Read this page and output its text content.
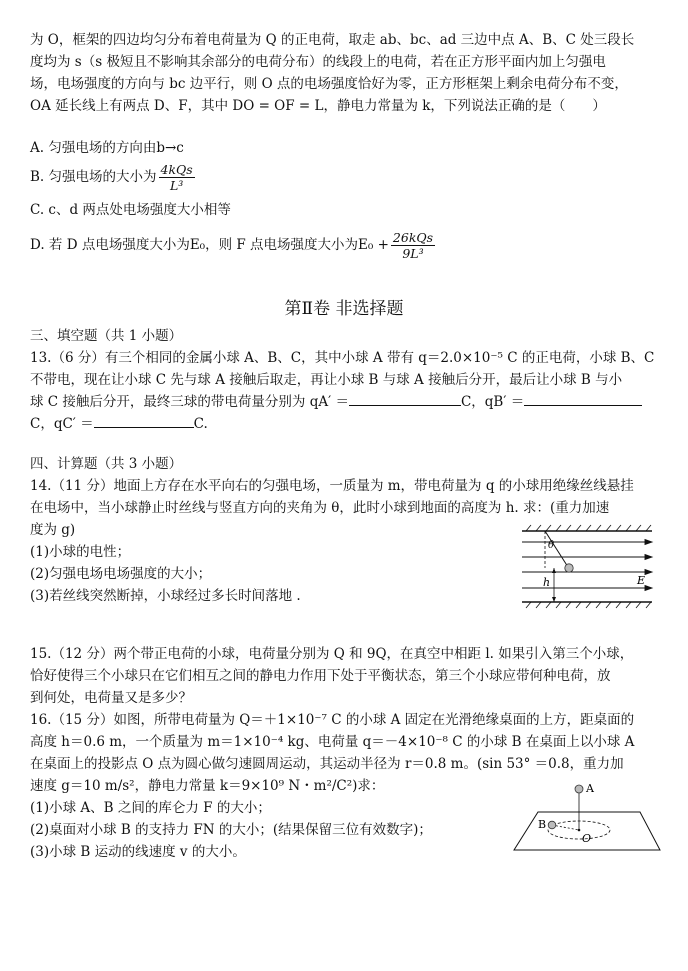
为 O，框架的四边均匀分布着电荷量为 Q 的正电荷，取走 ab、bc、ad 三边中点 A、B、C 处三段长
度均为 s（s 极短且不影响其余部分的电荷分布）的线段上的电荷，若在正方形平面内加上匀强电
场，电场强度的方向与 bc 边平行，则 O 点的电场强度恰好为零，正方形框架上剩余电荷分布不变，
OA 延长线上有两点 D、F，其中 DO = OF = L，静电力常量为 k，下列说法正确的是（　　）
A. 匀强电场的方向由b→c
B. 匀强电场的大小为 $\frac{\text{4kQs}}{\text{L³}}$
C. c、d 两点处电场强度大小相等
D. 若 D 点电场强度大小为E₀，则 F 点电场强度大小为$E_0 + \frac{\text{26kQs}}{\text{9L³}}$
第Ⅱ卷 非选择题
三、填空题（共 1 小题）
13.（6 分）有三个相同的金属小球 A、B、C，其中小球 A 带有 q＝2.0×10⁻⁵ C 的正电荷，小球 B、C
不带电，现在让小球 C 先与球 A 接触后取走，再让小球 B 与球 A 接触后分开，最后让小球 B 与小
球 C 接触后分开，最终三球的带电荷量分别为 qA′ ＝	C，qB′ ＝
C，qC′ ＝	C.
四、计算题（共 3 小题）
14.（11 分）地面上方存在水平向右的匀强电场，一质量为 m，带电荷量为 q 的小球用绝缘丝线悬挂
在电场中，当小球静止时丝线与竖直方向的夹角为 θ，此时小球到地面的高度为 h. 求：(重力加速
度为 g)
(1)小球的电性；
(2)匀强电场电场强度的大小；
(3)若丝线突然断掉，小球经过多长时间落地 .
θ
E
h
15.（12 分）两个带正电荷的小球，电荷量分别为 Q 和 9Q，在真空中相距 l. 如果引入第三个小球，
恰好使得三个小球只在它们相互之间的静电力作用下处于平衡状态，第三个小球应带何种电荷，放
到何处，电荷量又是多少？
16.（15 分）如图，所带电荷量为 Q＝＋1×10⁻⁷ C 的小球 A 固定在光滑绝缘桌面的上方，距桌面的
高度 h＝0.6 m，一个质量为 m＝1×10⁻⁴ kg、电荷量 q＝－4×10⁻⁸ C 的小球 B 在桌面上以小球 A
在桌面上的投影点 O 点为圆心做匀速圆周运动，其运动半径为 r＝0.8 m。(sin 53° ＝0.8，重力加
速度 g＝10 m/s²，静电力常量 k＝9×10⁹ N・m²/C²)求：
(1)小球 A、B 之间的库仑力 F 的大小；
(2)桌面对小球 B 的支持力 FN 的大小；(结果保留三位有效数字)；
(3)小球 B 运动的线速度 v 的大小。
A
B
O
